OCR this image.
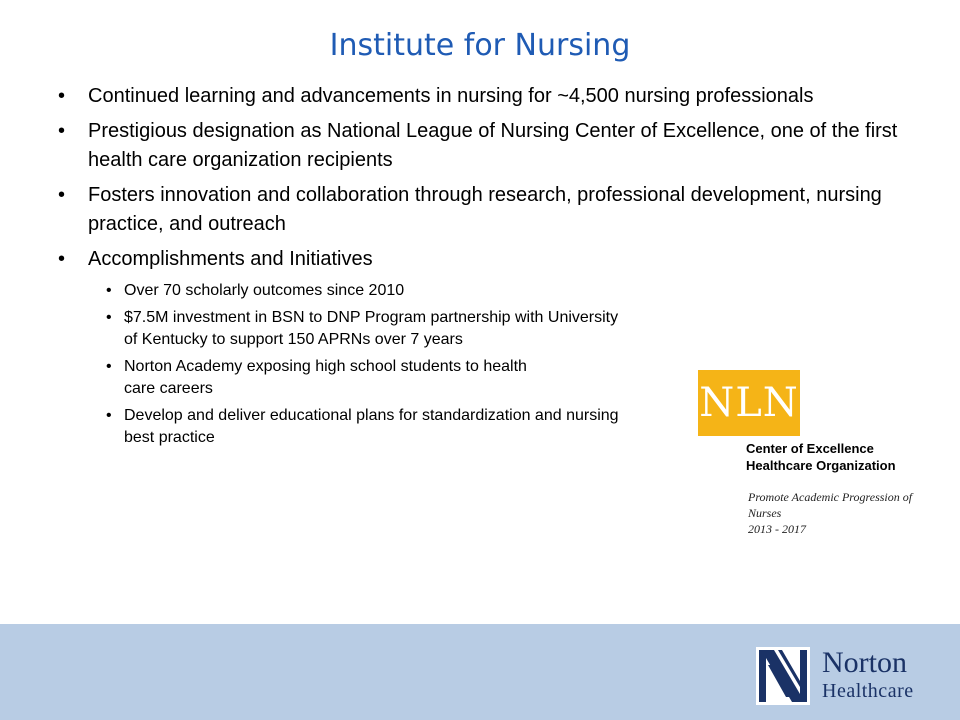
Institute for Nursing
• Continued learning and advancements in nursing for ~4,500 nursing professionals
• Prestigious designation as National League of Nursing Center of Excellence, one of the first health care organization recipients
• Fosters innovation and collaboration through research, professional development, nursing practice, and outreach
• Accomplishments and Initiatives
• Over 70 scholarly outcomes since 2010
• $7.5M investment in BSN to DNP Program partnership with University of Kentucky to support 150 APRNs over 7 years
• Norton Academy exposing high school students to health care careers
• Develop and deliver educational plans for standardization and nursing best practice
NLN
Center of Excellence
Healthcare Organization
Promote Academic Progression of Nurses
2013 - 2017
Norton
Healthcare
